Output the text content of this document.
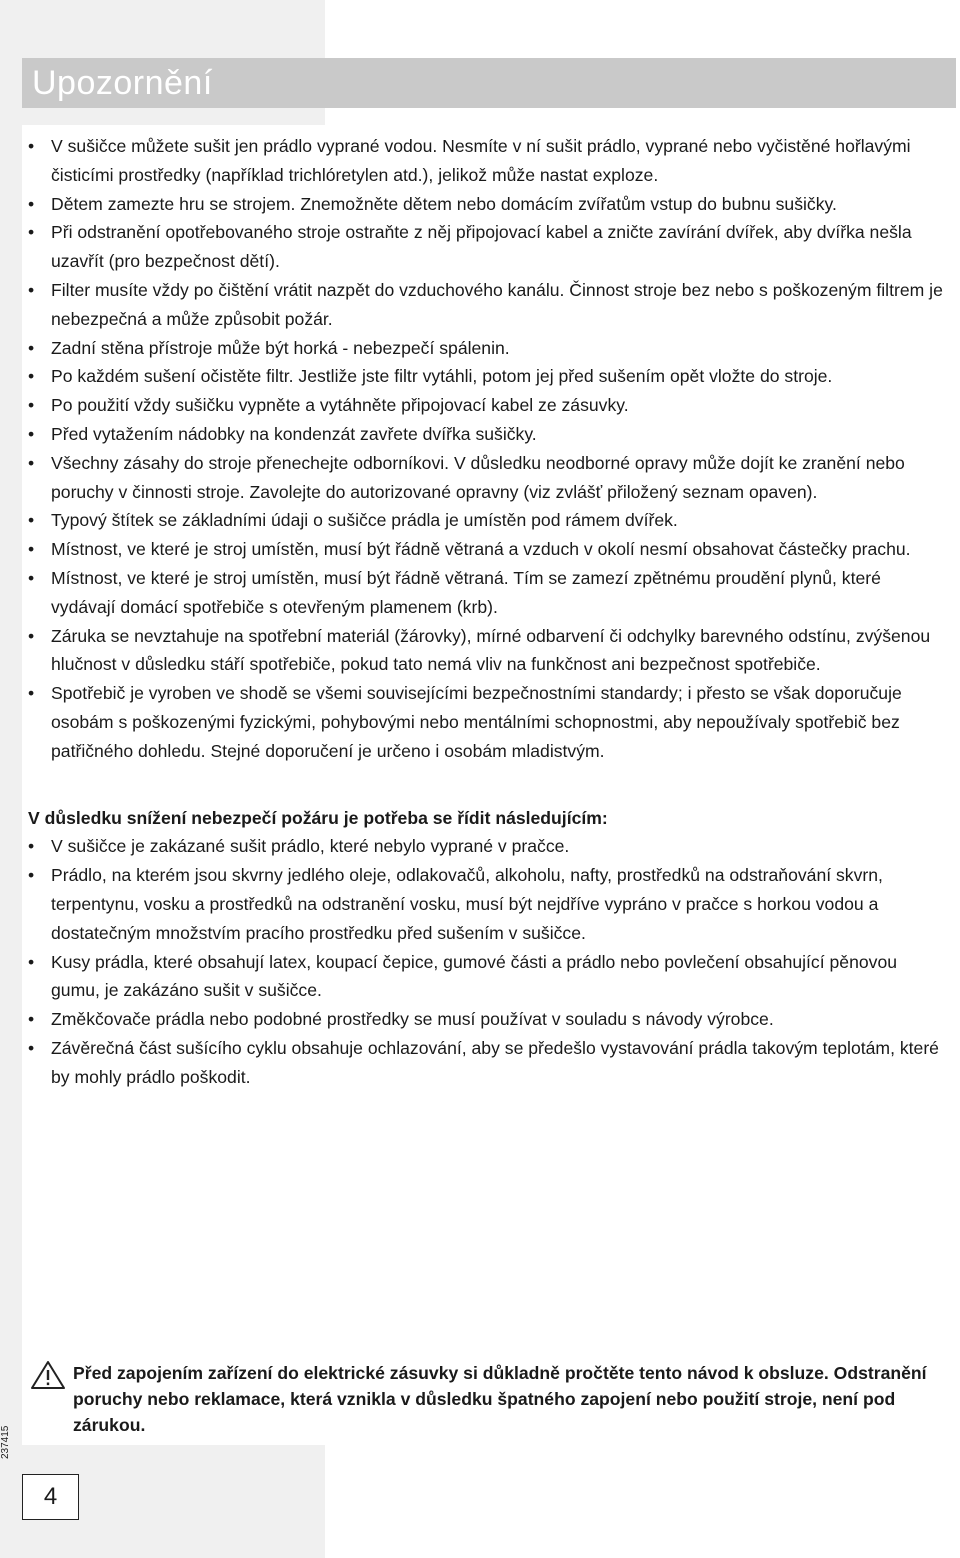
Upozornění
• V sušičce můžete sušit jen prádlo vyprané vodou. Nesmíte v ní sušit prádlo, vyprané nebo vyčistěné hořlavými čisticími prostředky (například trichlóretylen atd.), jelikož může nastat exploze.
• Dětem zamezte hru se strojem. Znemožněte dětem nebo domácím zvířatům vstup do bubnu sušičky.
• Při odstranění opotřebovaného stroje ostraňte z něj připojovací kabel a zničte zavírání dvířek, aby dvířka nešla uzavřít (pro bezpečnost dětí).
• Filter musíte vždy po čištění vrátit nazpět do vzduchového kanálu. Činnost stroje bez nebo s poškozeným filtrem je nebezpečná a může způsobit požár.
• Zadní stěna přístroje může být horká - nebezpečí spálenin.
• Po každém sušení očistěte filtr. Jestliže jste filtr vytáhli, potom jej před sušením opět vložte do stroje.
• Po použití vždy sušičku vypněte a vytáhněte připojovací kabel ze zásuvky.
• Před vytažením nádobky na kondenzát zavřete dvířka sušičky.
• Všechny zásahy do stroje přenechejte odborníkovi. V důsledku neodborné opravy může dojít ke zranění nebo poruchy v činnosti stroje. Zavolejte do autorizované opravny (viz zvlášť přiložený seznam opaven).
• Typový štítek se základními údaji o sušičce prádla je umístěn pod rámem dvířek.
• Místnost, ve které je stroj umístěn, musí být řádně větraná a vzduch v okolí nesmí obsahovat částečky prachu.
• Místnost, ve které je stroj umístěn, musí být řádně větraná. Tím se zamezí zpětnému proudění plynů, které vydávají domácí spotřebiče s otevřeným plamenem (krb).
• Záruka se nevztahuje na spotřební materiál (žárovky), mírné odbarvení či odchylky barevného odstínu, zvýšenou hlučnost v důsledku stáří spotřebiče, pokud tato nemá vliv na funkčnost ani bezpečnost spotřebiče.
• Spotřebič je vyroben ve shodě se všemi souvisejícími bezpečnostními standardy; i přesto se však doporučuje osobám s poškozenými fyzickými, pohybovými nebo mentálními schopnostmi, aby nepoužívaly spotřebič bez patřičného dohledu. Stejné doporučení je určeno i osobám mladistvým.
V důsledku snížení nebezpečí požáru je potřeba se řídit následujícím:
• V sušičce je zakázané sušit prádlo, které nebylo vyprané v pračce.
• Prádlo, na kterém jsou skvrny jedlého oleje, odlakovačů, alkoholu, nafty, prostředků na odstraňování skvrn, terpentynu, vosku a prostředků na odstranění vosku, musí být nejdříve vypráno v pračce s horkou vodou a dostatečným množstvím pracího prostředku před sušením v sušičce.
• Kusy prádla, které obsahují latex, koupací čepice, gumové části a prádlo nebo povlečení obsahující pěnovou gumu, je zakázáno sušit v sušičce.
• Změkčovače prádla nebo podobné prostředky se musí používat v souladu s návody výrobce.
• Závěrečná část sušícího cyklu obsahuje ochlazování, aby se předešlo vystavování prádla takovým teplotám, které by mohly prádlo poškodit.
Před zapojením zařízení do elektrické zásuvky si důkladně pročtěte tento návod k obsluze. Odstranění poruchy nebo reklamace, která vznikla v důsledku špatného zapojení nebo použití stroje, není pod zárukou.
237415
4
